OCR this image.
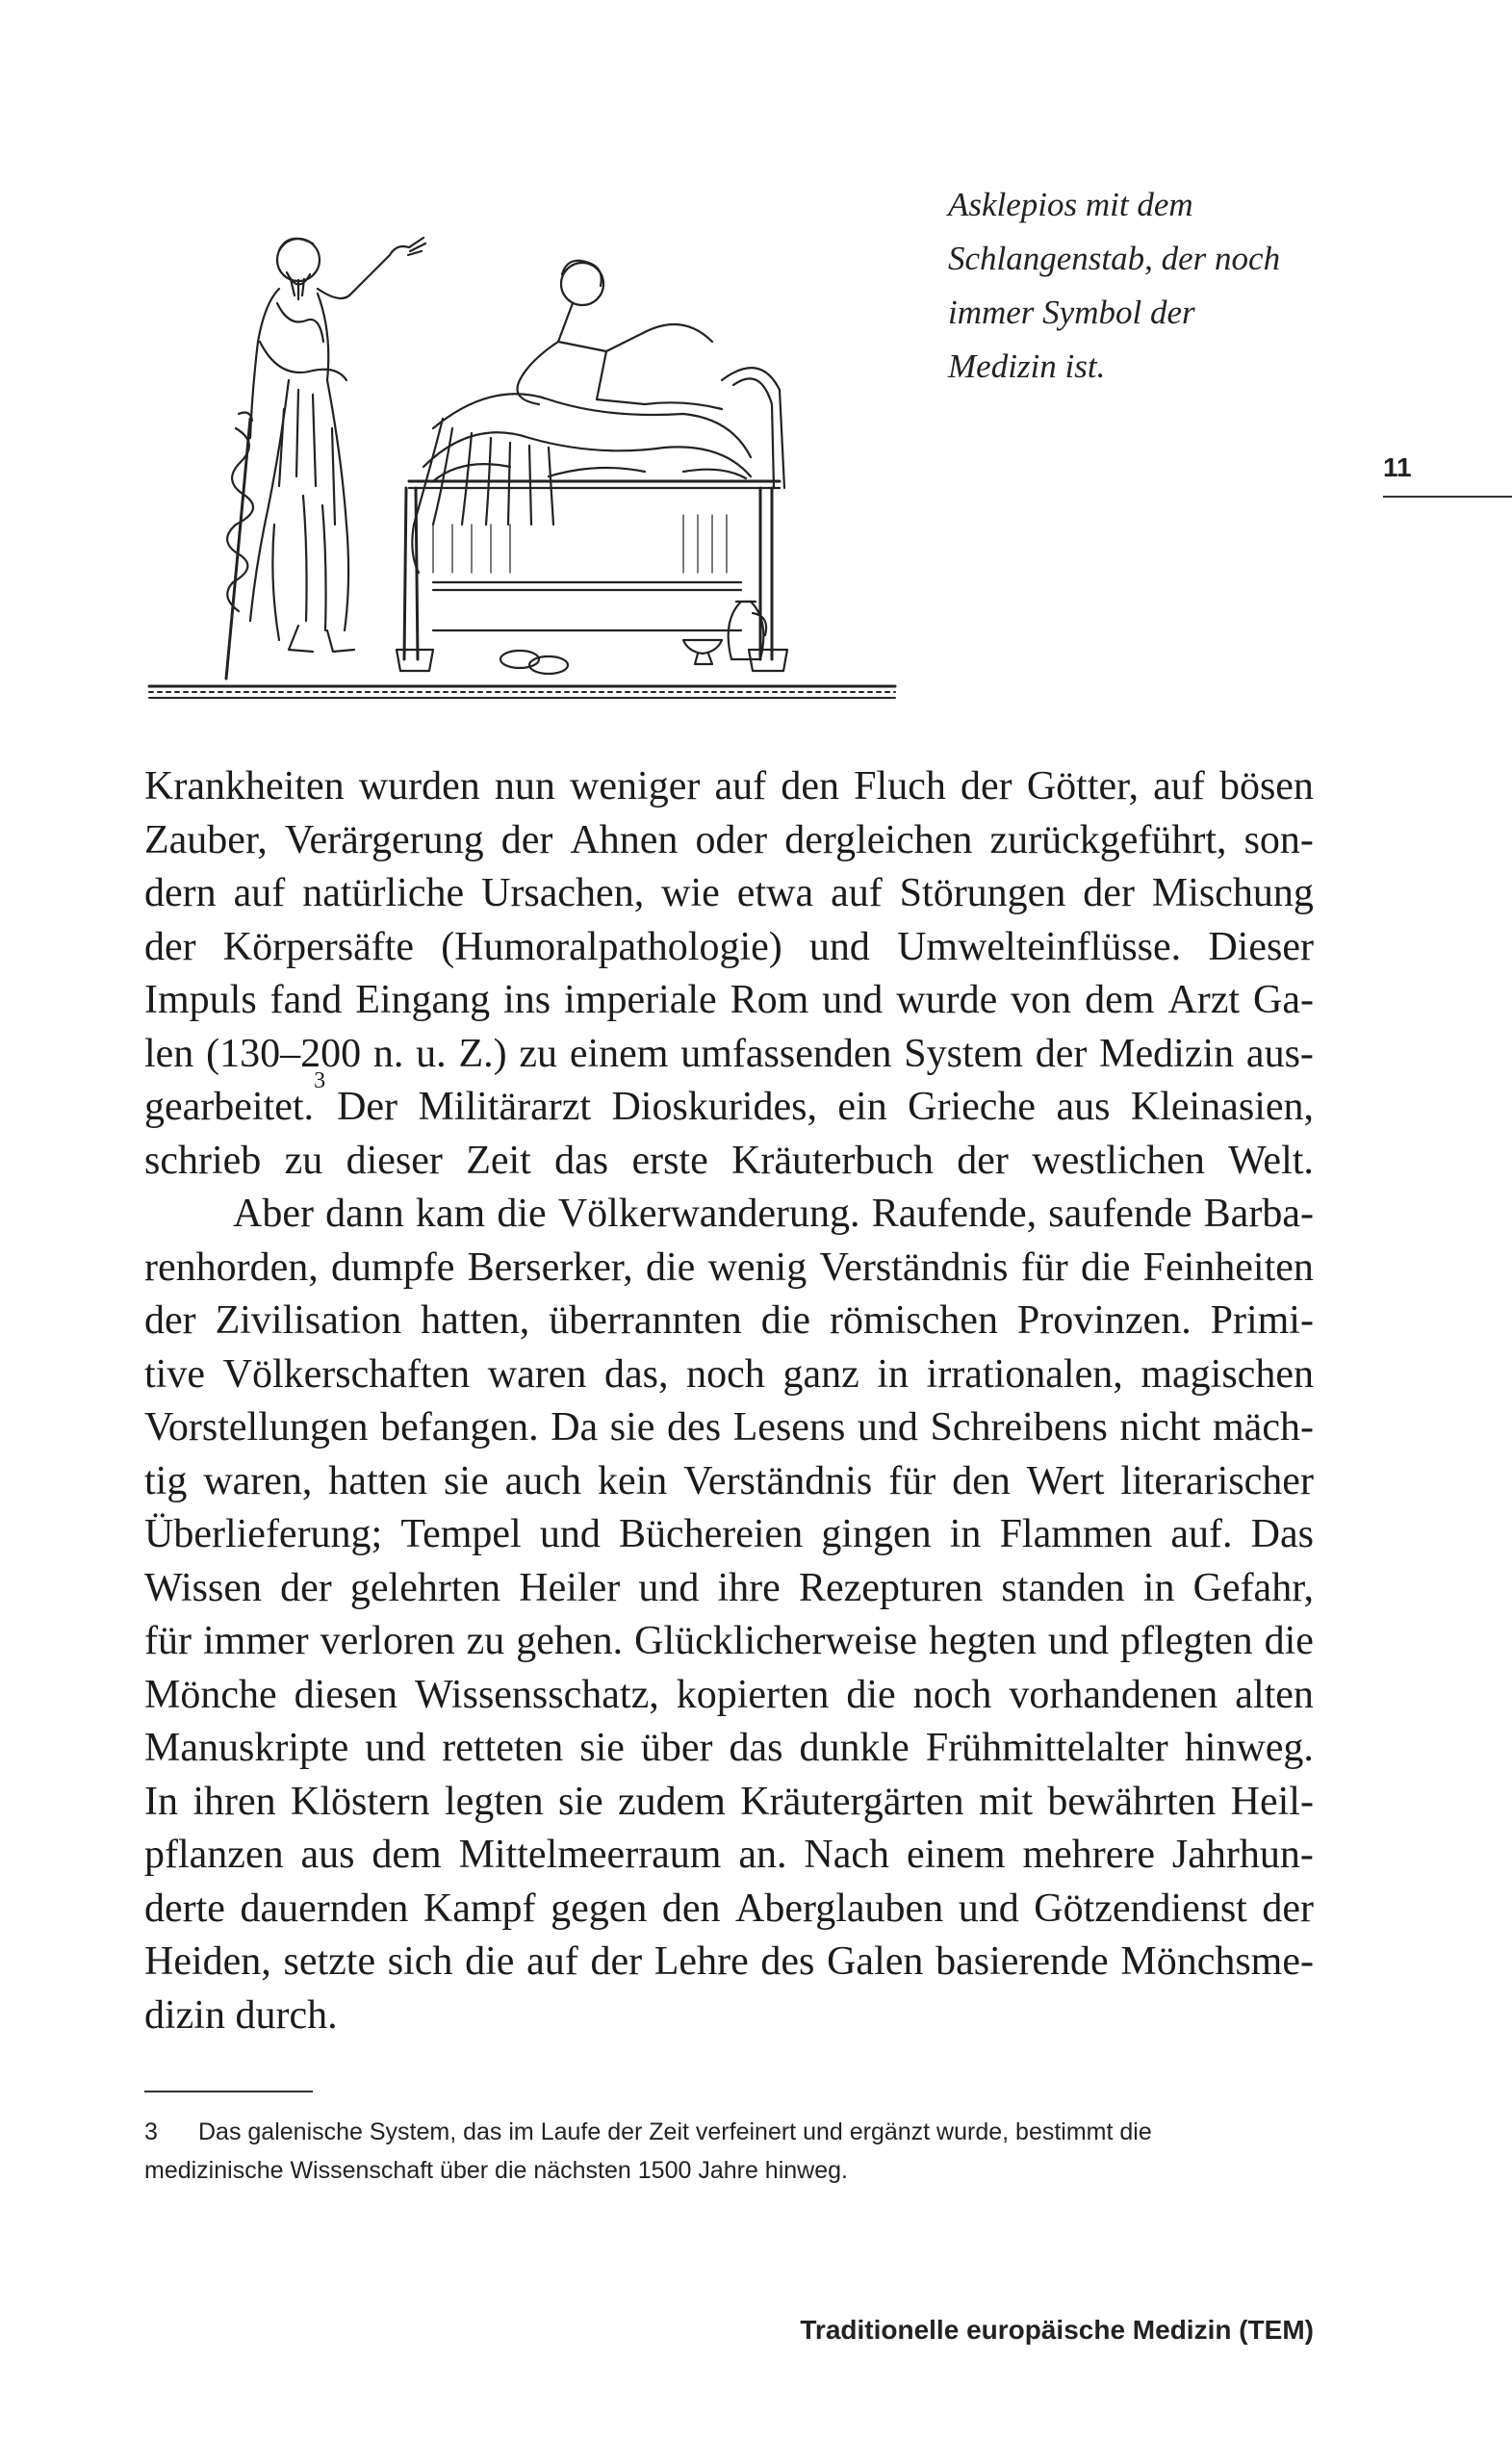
Asklepios mit dem
Schlangenstab, der noch
immer Symbol der
Medizin ist.
11
Krankheiten wurden nun weniger auf den Fluch der Götter, auf bösen
Zauber, Verärgerung der Ahnen oder dergleichen zurückgeführt, son-
dern auf natürliche Ursachen, wie etwa auf Störungen der Mischung
der Körpersäfte (Humoralpathologie) und Umwelteinflüsse. Dieser
Impuls fand Eingang ins imperiale Rom und wurde von dem Arzt Ga-
len (130–200 n. u. Z.) zu einem umfassenden System der Medizin aus-
gearbeitet.
3
Der Militärarzt Dioskurides, ein Grieche aus Kleinasien,
schrieb zu dieser Zeit das erste Kräuterbuch der westlichen Welt.
Aber dann kam die Völkerwanderung. Raufende, saufende Barba-
renhorden, dumpfe Berserker, die wenig Verständnis für die Feinheiten
der Zivilisation hatten, überrannten die römischen Provinzen. Primi-
tive Völkerschaften waren das, noch ganz in irrationalen, magischen
Vorstellungen befangen. Da sie des Lesens und Schreibens nicht mäch-
tig waren, hatten sie auch kein Verständnis für den Wert literarischer
Überlieferung; Tempel und Büchereien gingen in Flammen auf. Das
Wissen der gelehrten Heiler und ihre Rezepturen standen in Gefahr,
für immer verloren zu gehen. Glücklicherweise hegten und pflegten die
Mönche diesen Wissensschatz, kopierten die noch vorhandenen alten
Manuskripte und retteten sie über das dunkle Frühmittelalter hinweg.
In ihren Klöstern legten sie zudem Kräutergärten mit bewährten Heil-
pflanzen aus dem Mittelmeerraum an. Nach einem mehrere Jahrhun-
derte dauernden Kampf gegen den Aberglauben und Götzendienst der
Heiden, setzte sich die auf der Lehre des Galen basierende Mönchsme-
dizin durch.
3 Das galenische System, das im Laufe der Zeit verfeinert und ergänzt wurde, bestimmt die
medizinische Wissenschaft über die nächsten 1500 Jahre hinweg.
Traditionelle europäische Medizin (TEM)
